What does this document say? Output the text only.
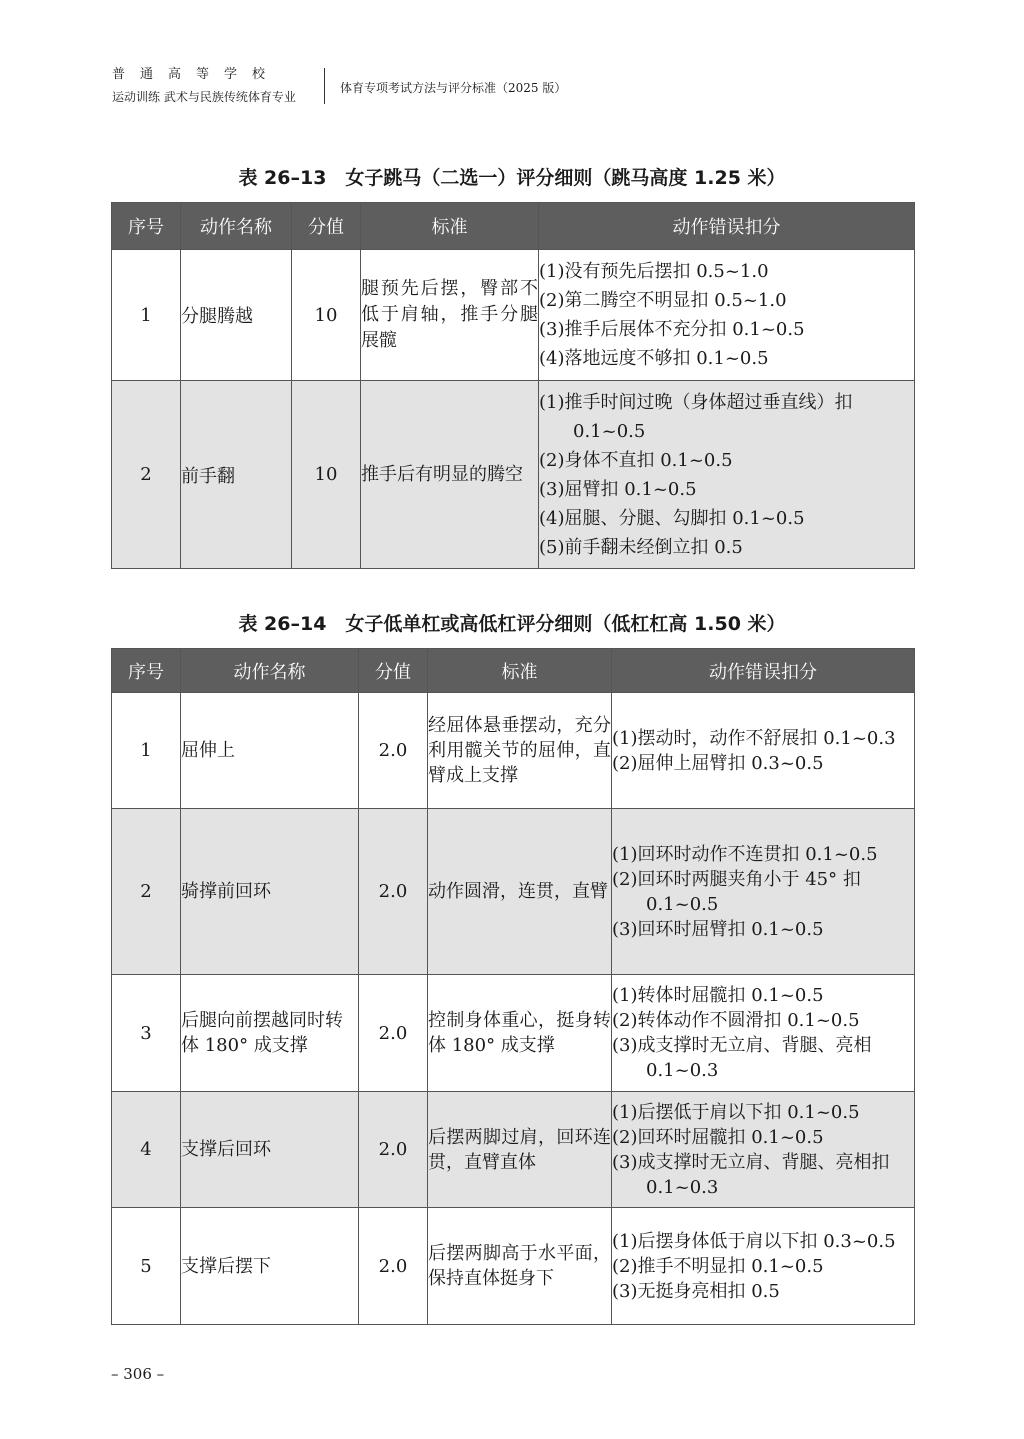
普通高等学校
运动训练 武术与民族传统体育专业
体育专项考试方法与评分标准（2025 版）
表 26–13　女子跳马（二选一）评分细则（跳马高度 1.25 米）
序号	动作名称	分值	标准	动作错误扣分
1	分腿腾越	10	腿预先后摆，臀部不低于肩轴，推手分腿展髋	(1)没有预先后摆扣 0.5~1.0
(2)第二腾空不明显扣 0.5~1.0
(3)推手后展体不充分扣 0.1~0.5
(4)落地远度不够扣 0.1~0.5

2	前手翻	10	推手后有明显的腾空	(1)推手时间过晚（身体超过垂直线）扣 0.1~0.5
(2)身体不直扣 0.1~0.5
(3)屈臂扣 0.1~0.5
(4)屈腿、分腿、勾脚扣 0.1~0.5
(5)前手翻未经倒立扣 0.5
表 26–14　女子低单杠或高低杠评分细则（低杠杠高 1.50 米）
序号	动作名称	分值	标准	动作错误扣分
1	屈伸上	2.0	经屈体悬垂摆动，充分利用髋关节的屈伸，直臂成上支撑	(1)摆动时，动作不舒展扣 0.1~0.3
(2)屈伸上屈臂扣 0.3~0.5

2	骑撑前回环	2.0	动作圆滑，连贯，直臂	(1)回环时动作不连贯扣 0.1~0.5
(2)回环时两腿夹角小于 45° 扣 0.1~0.5
(3)回环时屈臂扣 0.1~0.5

3	后腿向前摆越同时转体 180° 成支撑	2.0	控制身体重心，挺身转体 180° 成支撑	(1)转体时屈髋扣 0.1~0.5
(2)转体动作不圆滑扣 0.1~0.5
(3)成支撑时无立肩、背腿、亮相 0.1~0.3

4	支撑后回环	2.0	后摆两脚过肩，回环连贯，直臂直体	(1)后摆低于肩以下扣 0.1~0.5
(2)回环时屈髋扣 0.1~0.5
(3)成支撑时无立肩、背腿、亮相扣 0.1~0.3

5	支撑后摆下	2.0	后摆两脚高于水平面，保持直体挺身下	(1)后摆身体低于肩以下扣 0.3~0.5
(2)推手不明显扣 0.1~0.5
(3)无挺身亮相扣 0.5
– 306 –
